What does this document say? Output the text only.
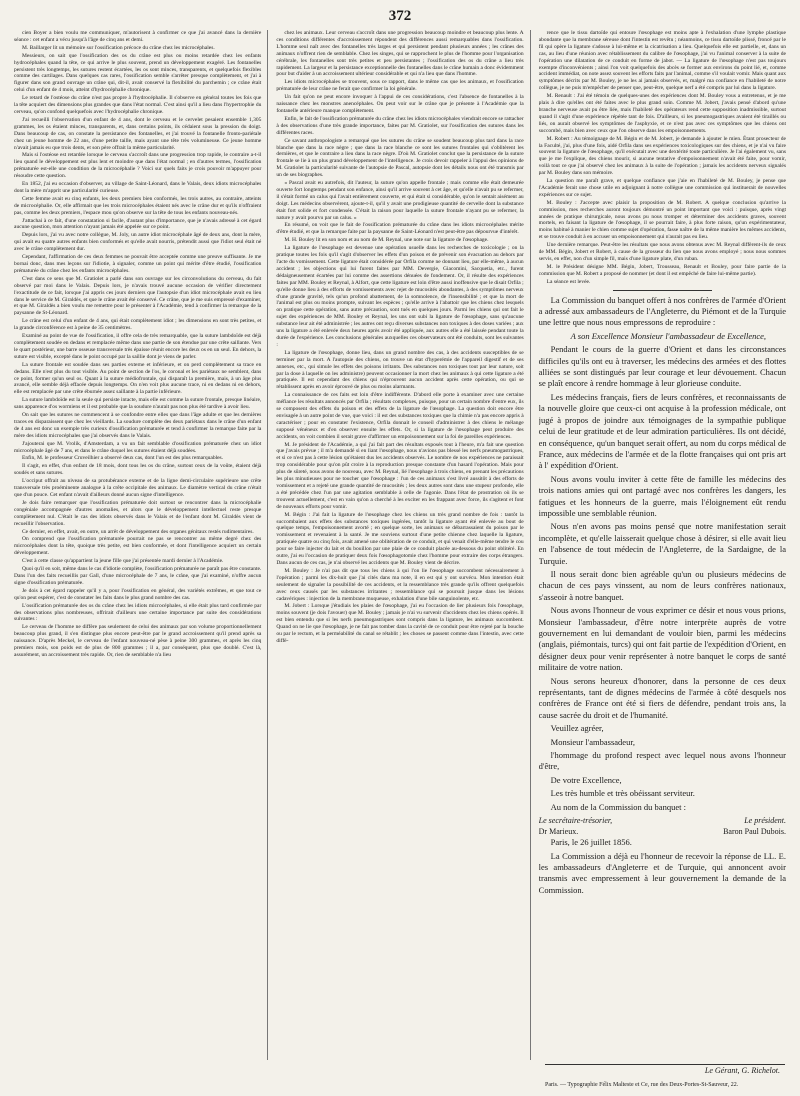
372

cien Boyer a bien voulu me communiquer, m'autorisent à confirmer ce que j'ai avancé dans la dernière séance : cet enfant a vécu jusqu'à l'âge de cinq ans et demi.

M. Baillarger lit un mémoire sur l'ossification précoce du crâne chez les microcéphales.

Messieurs, on sait que l'ossification des os du crâne est plus ou moins retardée chez les enfants hydrocéphales quand la tête, ce qui arrive le plus souvent, prend un développement exagéré. Les fontanelles persistent très longtemps, les sutures restent écartées, les os sont minces, transparents, et quelquefois flexibles comme des cartilages. Dans quelques cas rares, l'ossification semble s'arrêter presque complètement, et j'ai à figurer dans son grand ouvrage un crâne qui, dit-il, avait conservé la flexibilité du parchemin ; ce crâne était celui d'un enfant de 4 mois, atteint d'hydrocéphalie chronique.

Le retard de l'ostéose du crâne n'est pas propre à l'hydrocéphalie. Il s'observe en général toutes les fois que la tête acquiert des dimensions plus grandes que dans l'état normal. C'est ainsi qu'il a lieu dans l'hypertrophie du cerveau, qu'on confond quelquefois avec l'hydrocéphalie chronique.

J'ai recueilli l'observation d'un enfant de 4 ans, dont le cerveau et le cervelet pesaient ensemble 1,305 grammes, les os étaient minces, transparents, et, dans certains points, ils cédaient sous la pression du doigt. Dans beaucoup de cas, on constate la persistance des fontanelles, et j'ai trouvé la fontanelle fronto-pariétale chez un jeune homme de 22 ans, d'une petite taille, mais ayant une tête très volumineuse. Ce jeune homme n'avait jamais eu que trois dents, et son père offrait la même particularité.

Mais si l'ostéose est retardée lorsque le cerveau s'accroît dans une progression trop rapide, le contraire a-t-il lieu quand le développement est plus lent et moindre que dans l'état normal ; en d'autres termes, l'ossification prématurée est-elle une condition de la microcéphalie ? Voici sur quels faits je crois pouvoir m'appuyer pour résoudre cette question.

En 1852, j'ai eu occasion d'observer, au village de Saint-Léonard, dans le Valais, deux idiots microcéphales dont la mère m'apprit une particularité curieuse.

Cette femme avait eu cinq enfants, les deux premiers bien conformés, les trois autres, au contraire, atteints de microcéphalie. Or, elle affirmait que les trois microcéphales étaient nés avec le crâne dur et qu'ils n'offraient pas, comme les deux premiers, l'espace mou qu'on observe sur la tête de tous les enfants nouveau-nés.

J'attachai à ce fait, d'une constatation si facile, d'autant plus d'importance, que je n'avais adressé à cet égard aucune question, mon attention n'ayant jamais été appelée sur ce point.

Depuis lors, j'ai vu avec notre collègue, M. Joly, un autre idiot microcéphale âgé de deux ans, dont la mère, qui avait eu quatre autres enfants bien conformés et qu'elle avait nourris, prétendit aussi que l'idiot seul était né avec le crâne complètement dur.

Cependant, l'affirmation de ces deux femmes ne pouvait être acceptée comme une preuve suffisante. Je me bornai donc, dans mes leçons sur l'idiotie, à signaler, comme un point qui mérite d'être étudié, l'ossification prématurée du crâne chez les enfants microcéphales.

C'est dans ce sens que M. Gratiolet a parlé dans son ouvrage sur les circonvolutions du cerveau, du fait observé par moi dans le Valais. Depuis lors, je n'avais trouvé aucune occasion de vérifier directement l'exactitude de ce fait, lorsque j'ai appris ces jours derniers que l'autopsie d'un idiot microcéphale avait eu lieu dans le service de M. Giraldès, et que le crâne avait été conservé. Ce crâne, que je me suis empressé d'examiner, et que M. Giraldès a bien voulu me remettre pour le présenter à l'Académie, tend à confirmer la remarque de la paysanne de St-Léonard.

Le crâne est celui d'un enfant de 4 ans, qui était complètement idiot ; les dimensions en sont très petites, et la grande circonférence est à peine de 35 centimètres.

Examiné au point de vue de l'ossification, il offre cela de très remarquable, que la suture lambdoïde est déjà complètement soudée en dedans et remplacée même dans une partie de son étendue par une crête saillante. Vers le quart postérieur, une barre osseuse transversale très épaisse réunit encore les deux os en un seul. En dehors, la suture est visible, excepté dans le point occupé par la saillie dont je viens de parler.

La suture frontale est soudée dans ses parties externe et inférieure, et on perd complètement sa trace en dedans. Elle n'est plus du tout visible. Au point de section de l'os, le coronal et les pariétaux ne semblent, dans ce point, former qu'un seul os. Quant à la suture médiofrontale, qui disparaît la première, mais, à un âge plus avancé, elle semble déjà effacée depuis longtemps. On n'en voit plus aucune trace, ni en dedans ni en dehors, elle est remplacée par une crête éburnée assez saillante à la partie inférieure.

La suture lambdoïde est la seule qui persiste intacte, mais elle est comme la suture frontale, presque linéaire, sans apparence d'os wormiens et il est probable que la soudure n'aurait pas non plus été tardive à avoir lieu.

On sait que les sutures ne commencent à se confondre entre elles que dans l'âge adulte et que les dernières traces en disparaissent que chez les vieillards. La soudure complète des deux pariétaux dans le crâne d'un enfant de 4 ans est donc un exemple très curieux d'ossification prématurée et tend à confirmer la remarque faite par la mère des idiots microcéphales que j'ai observés dans le Valais.

J'ajouterai que M. Vrolik, d'Amsterdam, a vu un fait semblable d'ossification prématurée chez un idiot microcéphale âgé de 7 ans, et dans le crâne duquel les sutures étaient déjà soudées.

Enfin, M. le professeur Cruveilhier a observé deux cas, dont l'un est des plus remarquables.

Il s'agit, en effet, d'un enfant de 18 mois, dont tous les os du crâne, surtout ceux de la voûte, étaient déjà soudés et sans sutures.

L'occiput offrait au niveau de sa protubérance externe et de la ligne demi-circulaire supérieure une crête transversale très proéminente analogue à la crête occipitale des animaux. Le diamètre vertical du crâne n'était que d'un pouce. Cet enfant n'avait d'ailleurs donné aucun signe d'intelligence.

Je dois faire remarquer que l'ossification prématurée doit surtout se rencontrer dans la microcéphalie congéniale accompagnée d'autres anomalies, et alors que le développement intellectuel reste presque complètement nul. C'était le cas des idiots observés dans le Valais et de l'enfant dont M. Giraldès vient de recueillir l'observation.

Ce dernier, en effet, avait, en outre, un arrêt de développement des organes génitaux restés rudimentaires.

On comprend que l'ossification prématurée pourrait ne pas se rencontrer au même degré chez des microcéphales dont la tête, quoique très petite, est bien conformée, et dont l'intelligence acquiert un certain développement.

C'est à cette classe qu'appartient la jeune fille que j'ai présentée mardi dernier à l'Académie.

Quoi qu'il en soit, même dans le cas d'idiotie complète, l'ossification prématurée ne paraît pas être constante. Dans l'un des faits recueillis par Gall, d'une microcéphale de 7 ans, le crâne, que j'ai examiné, n'offre aucun signe d'ossification prématurée.

Je dois à cet égard rappeler qu'il y a, pour l'ossification en général, des variétés extrêmes, et que tout ce qu'on peut espérer, c'est de constater les faits dans le plus grand nombre des cas.

L'ossification prématurée des os du crâne chez les idiots microcéphales, si elle était plus tard confirmée par des observations plus nombreuses, offrirait d'ailleurs une certaine importance par suite des considérations suivantes :

Le cerveau de l'homme ne diffère pas seulement de celui des animaux par son volume proportionnellement beaucoup plus grand, il s'en distingue plus encore peut-être par le grand accroissement qu'il prend après sa naissance. D'après Meckel, le cerveau de l'enfant nouveau-né pèse à peine 300 grammes, et après les cinq premiers mois, son poids est de plus de 800 grammes ; il a, par conséquent, plus que doublé. C'est là, assurément, un accroissement très rapide. Or, rien de semblable n'a lieu

chez les animaux. Leur cerveau s'accroît dans une progression beaucoup moindre et beaucoup plus lente. A ces conditions différentes d'accroissement répondent des différences aussi remarquables dans l'ossification. L'homme seul naît avec des fontanelles très larges et qui persistent pendant plusieurs années ; les crânes des animaux n'offrent rien de semblable. Chez les singes, qui se rapprochent le plus de l'homme pour l'organisation cérébrale, les fontanelles sont très petites et peu persistantes ; l'ossification des os du crâne a lieu très rapidement. La largeur et la persistance exceptionnelle des fontanelles dans le crâne humain a donc évidemment pour but d'aider à un accroissement ultérieur considérable et qui n'a lieu que dans l'homme.

Les idiots microcéphales se trouvent, sous ce rapport, dans le même cas que les animaux, et l'ossification prématurée de leur crâne ne ferait que confirmer la loi générale.

Un fait qu'on ne peut encore invoquer à l'appui de ces considérations, c'est l'absence de fontanelles à la naissance chez les monstres anencéphales. On peut voir sur le crâne que je présente à l'Académie que la fontanelle antérieure manque complètement.

Enfin, le fait de l'ossification prématurée du crâne chez les idiots microcéphales viendrait encore se rattacher à des observations d'une très grande importance, faites par M. Gratiolet, sur l'ossification des sutures dans les différentes races.

Ce savant anthropologiste a remarqué que les sutures du crâne se soudent beaucoup plus tard dans la race blanche que dans la race nègre ; que dans la race blanche ce sont les sutures frontales qui s'oblitèrent les dernières, et que le contraire a lieu dans la race nègre. D'où M. Gratiolet conclut que la persistance de la suture frontale se lie à un plus grand développement de l'intelligence. Je crois devoir rappeler à l'appui des opinions de M. Gratiolet la particularité suivante de l'autopsie de Pascal, autopsie dont les détails nous ont été transmis par un de ses biographes.

« Pascal avait eu autrefois, dit l'auteur, la suture qu'on appelle frontale ; mais comme elle était demeurée ouverte fort longtemps pendant son enfance, ainsi qu'il arrive souvent à cet âge, et qu'elle n'avait pu se refermer, il s'était formé un calus qui l'avait entièrement couverte, et qui était si considérable, qu'on le sentait aisément au doigt. Les médecins observèrent, ajoute-t-il, qu'il y avait une prodigieuse quantité de cervelle dont la substance était fort solide et fort condensée. C'était la raison pour laquelle la suture frontale n'ayant pu se refermer, la nature y avait pourvu par un calus. »

En résumé, on voit que le fait de l'ossification prématurée du crâne dans les idiots microcéphales mérite d'être étudié, et que la remarque faite par la paysanne de Saint-Léonard n'est peut-être pas dépourvue d'intérêt.

M. H. Bouley lit en son nom et au nom de M. Reynal, une note sur la ligature de l'œsophage.

La ligature de l'œsophage est devenue une opération usuelle dans les recherches de toxicologie ; on la pratique toutes les fois qu'il s'agit d'observer les effets d'un poison et de prévenir son évacuation au dehors par l'acte du vomissement. Cette ligature était considérée par Orfila comme ne donnant lieu, par elle-même, à aucun accident ; les objections qui lui furent faites par MM. Devergie, Giacomini, Sacquetia, etc., furent dédaigneusement écartées par lui comme des assertions dénuées de fondement. Or, il résulte des expériences faites par MM. Bouley et Reynal, à Alfort, que cette ligature est loin d'être aussi inoffensive que le disait Orfila ; qu'elle donne lieu à des efforts de vomissements avec rejet de mucosités abondantes, à des symptômes nerveux d'une grande gravité, tels qu'un profond abattement, de la somnolence, de l'insensibilité ; et que la mort de l'animal est plus ou moins prompte, suivant les espèces ; qu'elle arrive à l'abattoir que les chiens chez lesquels on pratique cette opération, sans autre précaution, sont tués en quelques jours. Parmi les chiens qui ont fait le sujet des expériences de MM. Bouley et Reynal, les uns ont subi la ligature de l'œsophage, sans qu'aucune substance leur ait été administrée ; les autres ont reçu diverses substances non toxiques à des doses variées ; aux uns la ligature a été enlevée deux heures après avoir été appliquée, aux autres elle a été laissée pendant toute la durée de l'expérience. Les conclusions générales auxquelles ces observateurs ont été conduits, sont les suivantes :

La ligature de l'œsophage, donne lieu, dans un grand nombre des cas, à des accidents susceptibles de se terminer par la mort. A l'autopsie des chiens, on trouve un état d'hyperémie de l'appareil digestif et de ses annexes, etc., qui simule les effets des poisons irritants. Des substances non toxiques tout par leur nature, soit par la dose à laquelle on les administre) peuvent occasionner la mort chez les animaux à qui cette ligature a été pratiquée. Il est cependant des chiens qui n'éprouvent aucun accident après cette opération, ou qui se rétablissent après en avoir éprouvé de plus ou moins alarmants.

La connaissance de ces faits est loin d'être indifférente. D'abord elle porte à examiner avec une certaine méfiance les résultats annoncés par Orfila ; résultats complexes, puisque, pour un certain nombre d'entre eux, ils se composent des effets du poison et des effets de la ligature de l'œsophage. La question doit encore être envisagée à un autre point de vue, que voici : il est des substances toxiques que la chimie n'a pas encore appris à caractériser ; pour en constater l'existence, Orfila donnait le conseil d'administrer à des chiens le mélange supposé vénéneux et d'en observer ensuite les effets. Or, si la ligature de l'œsophage peut produire des accidents, on voit combien il serait grave d'affirmer un empoisonnement sur la foi de pareilles expériences.

M. Je président de l'Académie, a qui j'ai fait part des résultats exposés tout à l'heure, m'a fait une question que j'avais prévue ; il m'a demandé si en liant l'œsophage, nous n'avions pas blessé les nerfs pneumogastriques, et si ce n'est pas à cette lésion qu'étaient dus les accidents observés. Le nombre de nos expériences ne paraissait trop considérable pour qu'on pût croire à la reproduction presque constante d'un hasard l'opération. Mais pour plus de sûreté, nous avons de nouveau, avec M. Reynal, lié l'œsophage à trois chiens, en prenant les précautions les plus minutieuses pour ne toucher que l'œsophage : l'un de ces animaux s'est livré aussitôt à des efforts de vomissement et a rejeté une grande quantité de mucosités ; les deux autres sont dans une stupeur profonde, elle a été précédée chez l'un par une agitation semblable à celle de l'agonie. Dans l'état de prostration où ils se trouvent actuellement, c'est en vain qu'on a cherché à les exciter en les frappant avec force, ils s'agitent et font de nouveaux efforts pour vomir.

M. Bégin : J'ai fait la ligature de l'œsophage chez les chiens un très grand nombre de fois : tantôt la succombaient aux effets des substances toxiques ingérées, tantôt la ligature ayant été enlevée au bout de quelque temps, l'empoisonnement avorté ; en quelque sorte, les animaux se débarrassaient du poison par le vomissement et revenaient à la santé. Je me souviens surtout d'une petite chienne chez laquelle la ligature, pratiquée quatre ou cinq fois, avait amené une oblitération de ce conduit, et qui venait d'elle-même tendre le cou pour se faire injecter du lait et du bouillon par une plaie de ce conduit placée au-dessous du point oblitéré. En outre, j'ai eu l'occasion de pratiquer deux fois l'œsophagotomie chez l'homme pour extraire des corps étrangers. Dans aucun de ces cas, je n'ai observé les accidents que M. Bouley vient de décrire.

M. Bouley : Je n'ai pas dit que tous les chiens à qui l'on lie l'œsophage succombent nécessairement à l'opération ; parmi les dix-huit que j'ai cités dans ma note, il en est qui y ont survécu. Mon intention était seulement de signaler la possibilité de ces accidents, et la ressemblance très grande qu'ils offrent quelquefois avec ceux causés par les substances irritantes ; ressemblance qui se poursuit jusque dans les lésions cadavériques : injection de la membrane muqueuse, exhalation d'une bile sanguinolente, etc.

M. Jobert : Lorsque j'étudiais les plaies de l'œsophage, j'ai eu l'occasion de lier plusieurs fois l'œsophage, moins souvent (je dois l'avouer) que M. Bouley ; jamais je n'ai vu survenir d'accidents chez les chiens opérés. Il est bien entendu que si les nerfs pneumogastriques sont compris dans la ligature, les animaux succombent. Quand on ne lie que l'œsophage, je ne fait pas tomber dans la cavité de ce conduit pour être rejeté par la bouche ou par le rectum, et la perméabilité du canal se rétablit ; les choses se passent comme dans l'intestin, avec cette diffé-

rence que le tissu dartoïde qui entoure l'œsophage est moins apte à l'exhalation d'une lymphe plastique abondante que la membrane séreuse dont l'intestin est revêtu ; néanmoins, ce tissu dartoïde plissé, froncé par le fil qui opère la ligature s'adosse à lui-même et la cicatrisation a lieu. Quelquefois elle est partielle, et, dans un cas, au lieu d'une réunion avec rétablissement du calibre de l'œsophage, j'ai vu l'animal conserver à la suite de l'opération une dilatation de ce conduit en forme de jabot. — La ligature de l'œsophage n'est pas toujours exempte d'inconvénients ; ainsi l'on voit quelquefois des abcès se former aux environs du point lié, et, comme accident immédiat, on note assez souvent les efforts faits par l'animal, comme s'il voulait vomir. Mais quant aux symptômes décrits par M. Bouley, je ne les ai jamais observés, et, malgré ma confiance en l'habileté de notre collègue, je ne puis m'empêcher de penser que, peut-être, quelque nerf a été compris par lui dans la ligature.

M. Renault : J'ai été témoin de quelques-unes des expériences dont M. Bouley vous a entretenus, et je me plais à dire qu'elles ont été faites avec le plus grand soin. Comme M. Jobert, j'avais pensé d'abord qu'une branche nerveuse avait pu être liée, mais l'habileté des opérateurs rend cette supposition inadmissible, surtout quand il s'agit d'une expérience répétée tant de fois. D'ailleurs, si les pneumogastriques avaient été tiraillés ou liés, on aurait observé les symptômes de l'asphyxie, et ce n'est pas avec ces symptômes que les chiens ont succombé, mais bien avec ceux que l'on observe dans les empoisonnements.

M. Robert : Au témoignage de M. Bégin et de M. Jobert, je demande à ajouter le mien. Étant prosecteur de la Faculté, j'ai, plus d'une fois, aidé Orfila dans ses expériences toxicologiques sur des chiens, et je n'ai vu faire souvent la ligature de l'œsophage, qu'il exécutait avec une dextérité toute particulière. Je l'ai également vu, sans que je me l'explique, des chiens mourir, si aucune tentative d'empoisonnement n'avait été faite, pour vomir, voilà tout ce que j'ai observé chez les animaux à la suite de l'opération ; jamais les accidents nerveux signalés par M. Bouley dans son mémoire.

La question me paraît grave, et quelque confiance que j'aie en l'habileté de M. Bouley, je pense que l'Académie ferait une chose utile en adjoignant à notre collègue une commission qui instituerait de nouvelles expériences sur ce sujet.

M. Bouley : J'accepte avec plaisir la proposition de M. Robert. A quelque conclusion qu'arrive la commission, mes recherches auront toujours démontré un point important que voici : puisque, après vingt années de pratique chirurgicale, nous avons pu nous tromper et déterminer des accidents graves, souvent mortels, en faisant la ligature de l'œsophage, il se pourrait faire, à plus forte raison, qu'un expérimentateur, moins habitué à manier le chien comme sujet d'opération, fasse naître de la même manière les mêmes accidents, et se trouve conduit à en accuser un empoisonnement qui n'aurait pas eu lieu.

Une dernière remarque. Peut-être les résultats que nous avons obtenus avec M. Reynal diffèrent-ils de ceux de MM. Bégin, Jobert et Robert, à cause de la grosseur du lien que nous avons employé ; nous nous sommes servis, en effet, non d'un simple fil, mais d'une ligature plate, d'un ruban.

M. le Président désigne MM. Bégin, Jobert, Trousseau, Renault et Bouley, pour faire partie de la commission que M. Robert a proposé de nommer (et dont il est empêché de faire lui-même partie).

La séance est levée.

La Commission du banquet offert à nos confrères de l'armée d'Orient a adressé aux ambassadeurs de l'Angleterre, du Piémont et de la Turquie une lettre que nous nous empressons de reproduire :

A son Excellence Monsieur l'ambassadeur de Excellence,

Pendant le cours de la guerre d'Orient et dans les circonstances difficiles qu'ils ont eu à traverser, les médecins des armées et des flottes alliées se sont distingués par leur courage et leur dévouement. Chacun se plaît encore à rendre hommage à leur glorieuse conduite.

Les médecins français, fiers de leurs confrères, et reconnaissants de la nouvelle gloire que ceux-ci ont acquise à la profession médicale, ont jugé à propos de joindre aux témoignages de la sympathie publique celui de leur gratitude et de leur admiration particulières. Ils ont décidé, en conséquence, qu'un banquet serait offert, au nom du corps médical de France, aux médecins de l'armée et de la flotte françaises qui ont pris art à l' expédition d'Orient.

Nous avons voulu inviter à cette fête de famille les médecins des trois nations amies qui ont partagé avec nos confrères les dangers, les fatigues et les honneurs de la guerre, mais l'éloignement eût rendu impossible une semblable réunion.

Nous n'en avons pas moins pensé que notre manifestation serait incomplète, et qu'elle laisserait quelque chose à désirer, si elle avait lieu en l'absence de tout médecin de l'Angleterre, de la Sardaigne, de la Turquie.

Il nous serait donc bien agréable qu'un ou plusieurs médecins de chacun de ces pays vinssent, au nom de leurs confrères nationaux, s'asseoir à notre banquet.

Nous avons l'honneur de vous exprimer ce désir et nous vous prions, Monsieur l'ambassadeur, d'être notre interprète auprès de votre gouvernement en lui demandant de vouloir bien, parmi les médecins (anglais, piémontais, turcs) qui ont fait partie de l'expédition d'Orient, en désigner deux pour venir représenter à notre banquet le corps de santé militaire de votre nation.

Nous serons heureux d'honorer, dans la personne de ces deux représentants, tant de dignes médecins de l'armée à côté desquels nos confrères de France ont été si fiers de défendre, pendant trois ans, la cause sacrée du droit et de l'humanité.

Veuillez agréer,

Monsieur l'ambassadeur,

l'hommage du profond respect avec lequel nous avons l'honneur d'être,

De votre Excellence,

Les très humble et très obéissant serviteur.

Au nom de la Commission du banquet :

Le secrétaire-trésorier,	Le président.
Dr Marieux.	Baron Paul Dubois.

Paris, le 26 juillet 1856.

La Commission a déjà eu l'honneur de recevoir la réponse de LL. E. les ambassadeurs d'Angleterre et de Turquie, qui annoncent avoir transmis avec empressement à leur gouvernement la demande de la Commission.

Le Gérant, G. Richelot.
Paris. — Typographie Félix Malteste et Ce, rue des Deux-Portes-St-Sauveur, 22.
